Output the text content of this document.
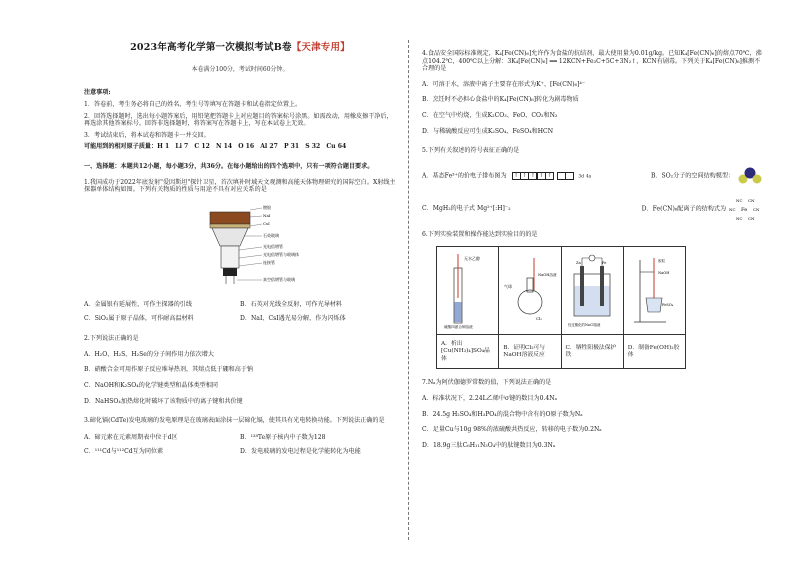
2023年高考化学第一次模拟考试B卷【天津专用】
本卷满分100分，考试时间60分钟。
注意事项:

1．答卷前，考生务必将自己的姓名、考生号等填写在答题卡和试卷指定位置上。

2．回答选择题时，选出每小题答案后，用铅笔把答题卡上对应题目的答案标号涂黑。如需改动，用橡皮擦干净后，再选涂其他答案标号。回答非选择题时，将答案写在答题卡上，写在本试卷上无效。

3．考试结束后，将本试卷和答题卡一并交回。

可能用到的相对原子质量：H 1　Li 7　C 12　N 14　O 16　Al 27　P 31　S 32　Cu 64
一、选择题：本题共12小题，每小题3分，共36分。在每小题给出的四个选项中，只有一项符合题目要求。
1.我国成功于2022年底发射"爱因斯坦"探针卫星，首次填补时域天文观测和高能天体物理研究的国际空白。X射线主探器单体结构如图。下列有关物质的性质与用途不具有对应关系的是
镀银
NaI
CsI
石英玻璃
光电倍增管
光电倍增管与玻璃体
连接管
真空倍增管与玻璃
A．金属银有延展性，可作主探器的引线	B．石英对光线全反射，可作光导材料
C．SiO₂属于原子晶体，可作耐高温材料	D．NaI、CsI遇光易分解，作为闪烁体
2.下列说法正确的是

A．H₂O、H₂S、H₂Se的分子间作用力依次增大

B．硝酸合金可用作原子反应堆导热剂，其熔点低于硼和高于钠

C．NaOH和K₂SO₄的化学键类型和晶体类型相同

D．NaHSO₄加热熔化时破坏了该物质中的离子键和共价键

3.碲化镉(CdTe)发电玻璃的发电原理是在玻璃表面涂抹一层碲化镉，使其具有光电转换功能。下列说法正确的是
A．碲元素在元素周期表中位于d区	B．¹²⁸Te原子核内中子数为128
C．¹¹¹Cd与¹¹²Cd互为同位素	D．发电玻璃的发电过程是化学能转化为电能
4.食品安全国际标准规定，K₄[Fe(CN)₆]允许作为食盐的抗结剂，最大使用量为0.01g/kg。已知K₄[Fe(CN)₆]的熔点70℃，沸点104.2℃，400℃以上分解：3K₄[Fe(CN)₆] ══ 12KCN+Fe₃C+5C+3N₂↑，KCN有剧毒。下列关于K₄[Fe(CN)₆]推测不合理的是
A．可溶于水，溶液中离子主要存在形式为K⁺、[Fe(CN)₆]⁴⁻
B．烹饪时不必担心食盐中的K₄[Fe(CN)₆]转化为剧毒物质
C．在空气中灼烧，生成K₂CO₃、FeO、CO₂和N₂
D．与稀硫酸反应可生成K₂SO₄、FeSO₄和HCN
5.下列有关叙述的符号表征正确的是
A．基态Fe³⁺的价电子排布图为	↑ ↑ ↑ ↑ ↑	3d 4s	B．SO₂分子的空间结构模型：
C．MgH₂的电子式 Mg²⁺[:H]⁻₂	D．Fe(CN)₆配离子的结构式为	Fe
NC	CN
NC CN
NC CN
6.下列实验装置和操作能达到实验目的的是
无水乙醇
硫酸四氨合铜溶液	气球
NaOH溶液
Cl₂	Zn Fe
经过酸化的NaCl溶液	胶粒
NaOH
FeSO₄

A．析出[Cu(NH₃)₄]SO₄晶体	B．证明Cl₂可与NaOH溶液反应	C．牺牲阳极法保护铁	D．制备Fe(OH)₂胶体
7.Nₐ为阿伏伽德罗常数的值，下列说法正确的是

A．标准状况下，2.24L乙烯中σ键的数目为0.4Nₐ

B．24.5g H₂SO₄和H₃PO₄的混合物中含有的O原子数为Nₐ

C．足量Cu与10g 98%的浓硫酸共热反应，转移的电子数为0.2Nₐ

D．18.9g三肽C₆H₁₁N₃O₄中的肽键数目为0.3Nₐ
